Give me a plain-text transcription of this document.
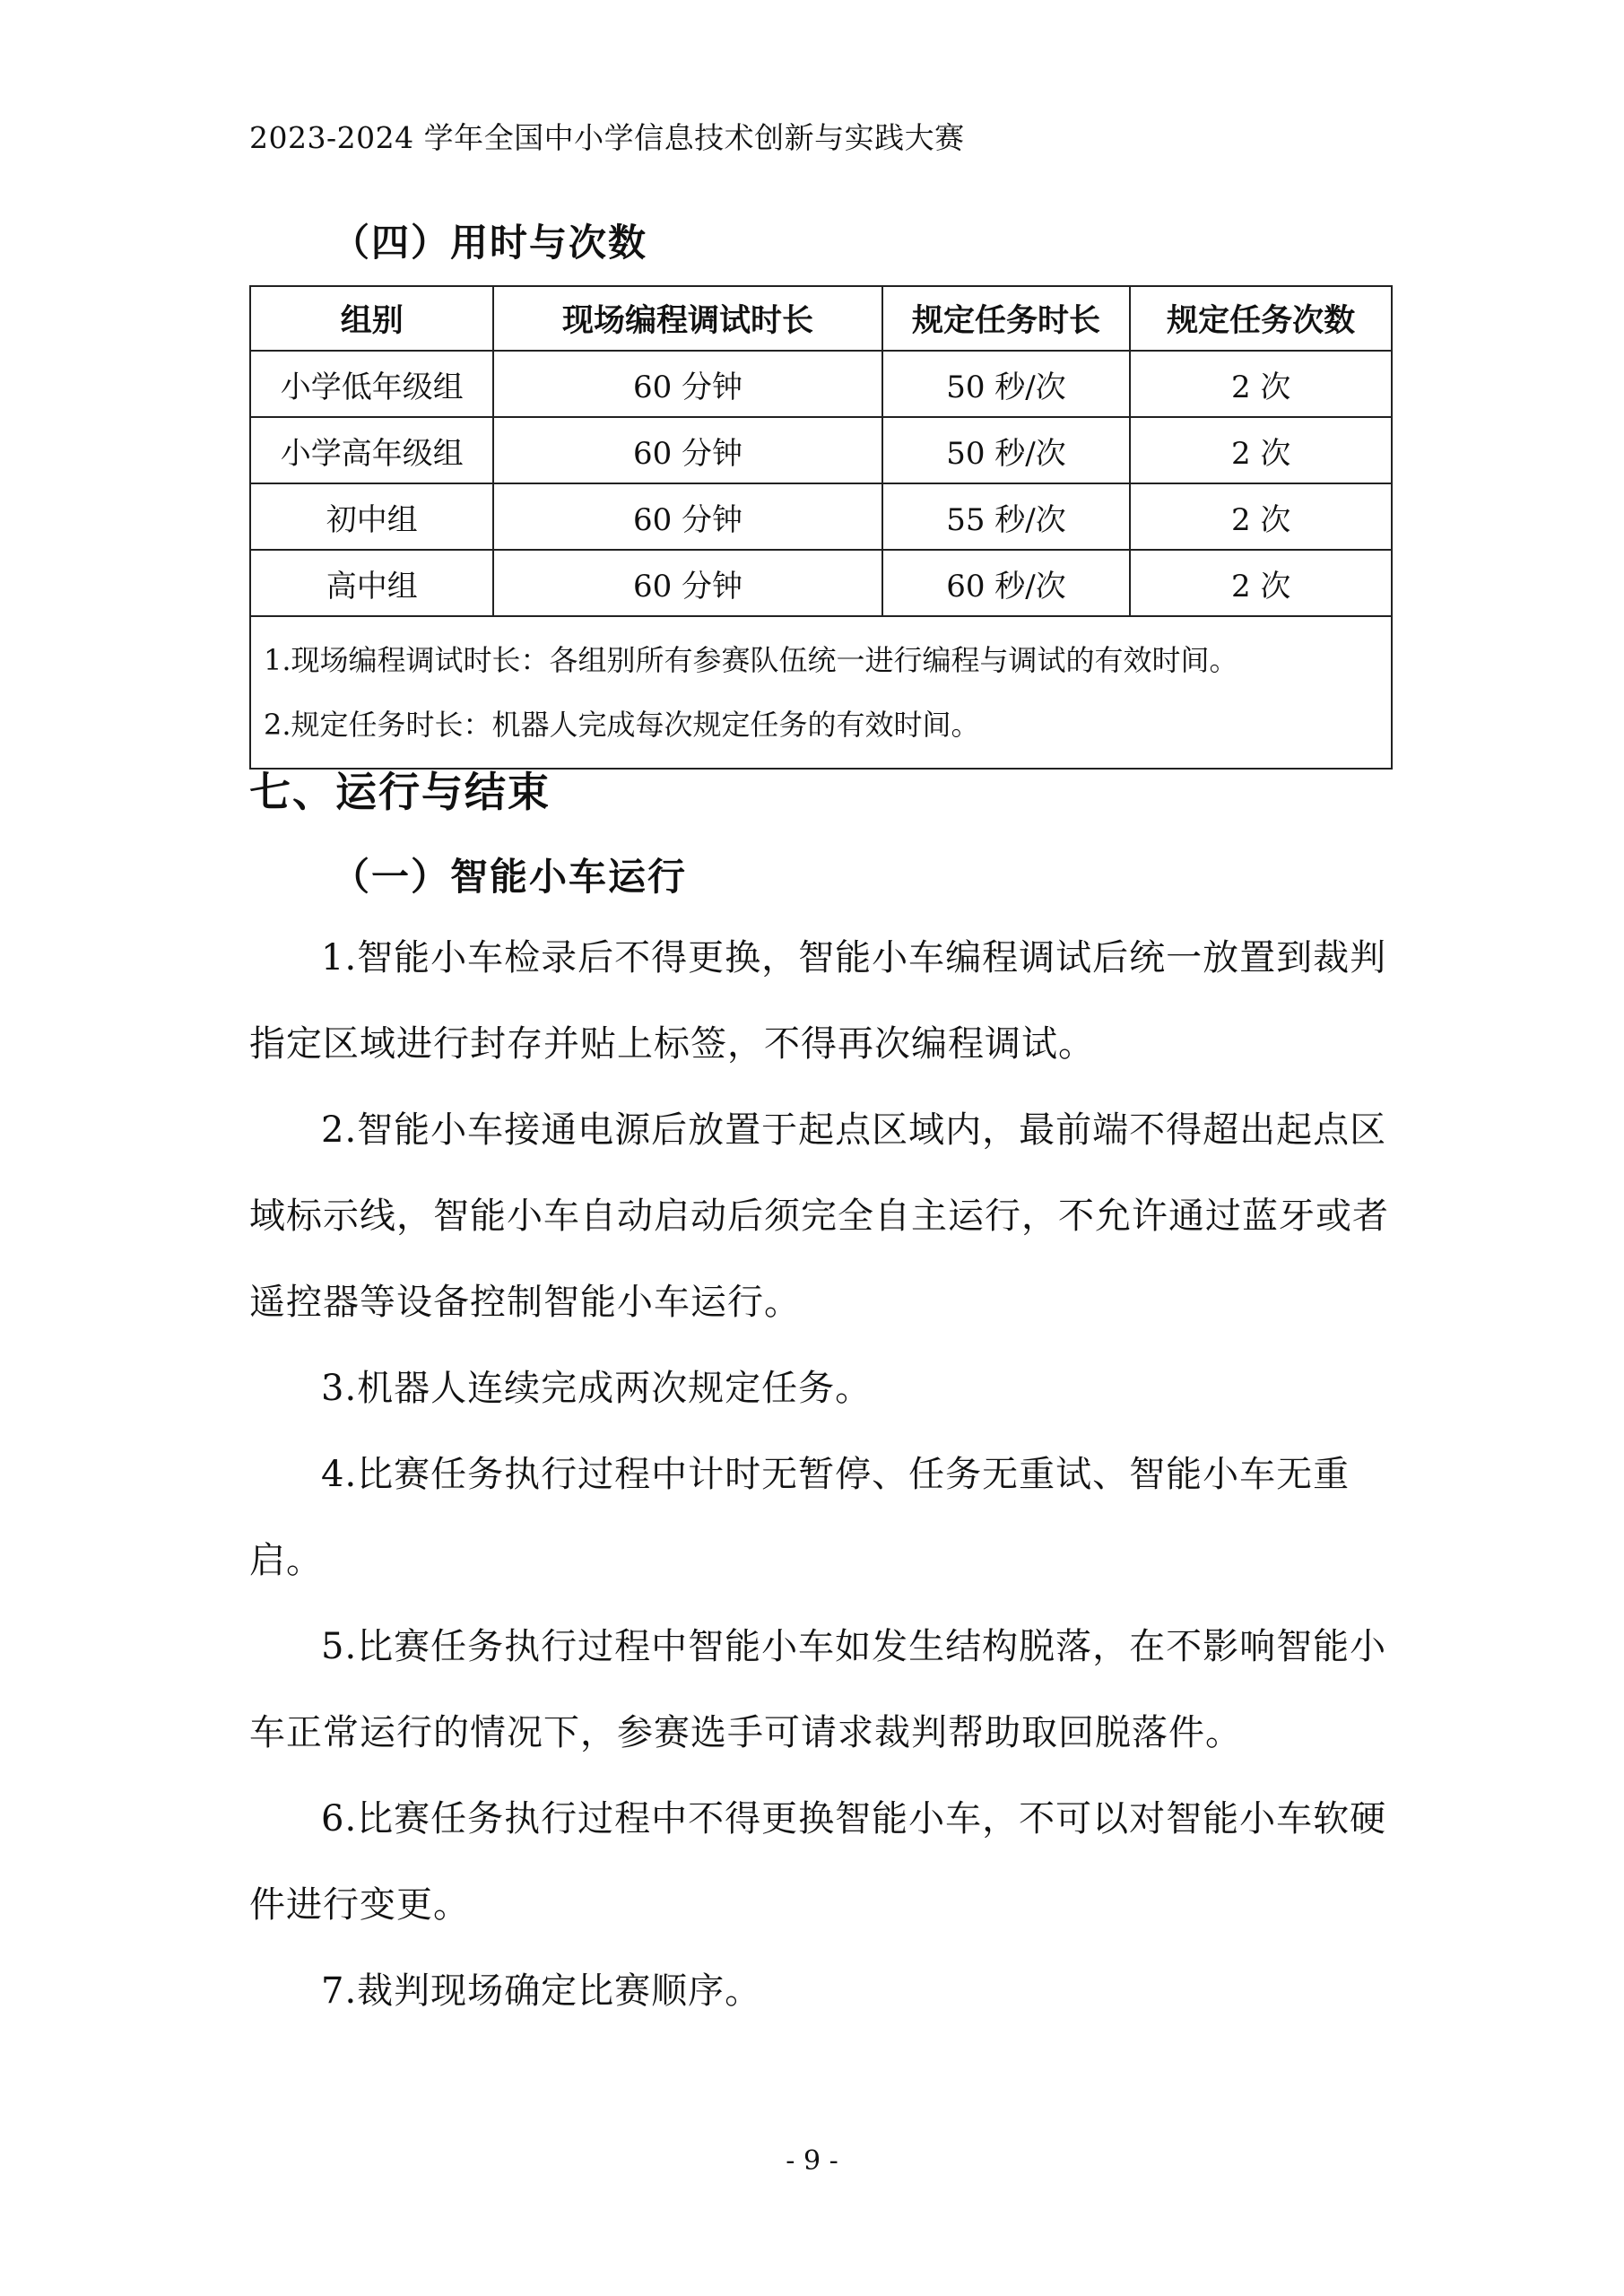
2023-2024 学年全国中小学信息技术创新与实践大赛
（四）用时与次数
组别	现场编程调试时长	规定任务时长	规定任务次数
小学低年级组	60 分钟	50 秒/次	2 次
小学高年级组	60 分钟	50 秒/次	2 次
初中组	60 分钟	55 秒/次	2 次
高中组	60 分钟	60 秒/次	2 次

1.现场编程调试时长：各组别所有参赛队伍统一进行编程与调试的有效时间。
2.规定任务时长：机器人完成每次规定任务的有效时间。			
七、运行与结束
（一）智能小车运行

1.智能小车检录后不得更换，智能小车编程调试后统一放置到裁判指定区域进行封存并贴上标签，不得再次编程调试。

2.智能小车接通电源后放置于起点区域内，最前端不得超出起点区域标示线，智能小车自动启动后须完全自主运行，不允许通过蓝牙或者遥控器等设备控制智能小车运行。

3.机器人连续完成两次规定任务。

4.比赛任务执行过程中计时无暂停、任务无重试、智能小车无重启。

5.比赛任务执行过程中智能小车如发生结构脱落，在不影响智能小车正常运行的情况下，参赛选手可请求裁判帮助取回脱落件。

6.比赛任务执行过程中不得更换智能小车，不可以对智能小车软硬件进行变更。

7.裁判现场确定比赛顺序。

- 9 -
